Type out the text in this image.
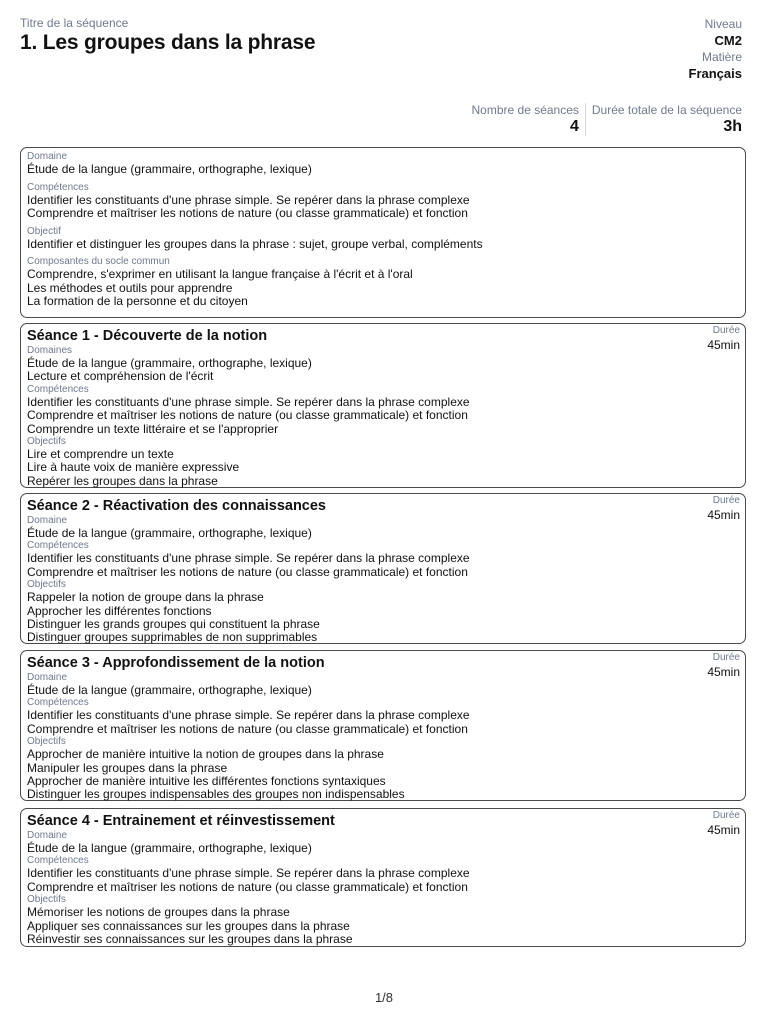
Titre de la séquence
1. Les groupes dans la phrase
Niveau
CM2
Matière
Français
Nombre de séances
4
Durée totale de la séquence
3h
Domaine
Étude de la langue (grammaire, orthographe, lexique)
Compétences
Identifier les constituants d'une phrase simple. Se repérer dans la phrase complexe
Comprendre et maîtriser les notions de nature (ou classe grammaticale) et fonction
Objectif
Identifier et distinguer les groupes dans la phrase : sujet, groupe verbal, compléments
Composantes du socle commun
Comprendre, s'exprimer en utilisant la langue française à l'écrit et à l'oral
Les méthodes et outils pour apprendre
La formation de la personne et du citoyen
Séance 1 - Découverte de la notion	Durée
45min
Domaines
Étude de la langue (grammaire, orthographe, lexique)
Lecture et compréhension de l'écrit
Compétences
Identifier les constituants d'une phrase simple. Se repérer dans la phrase complexe
Comprendre et maîtriser les notions de nature (ou classe grammaticale) et fonction
Comprendre un texte littéraire et se l'approprier
Objectifs
Lire et comprendre un texte
Lire à haute voix de manière expressive
Repérer les groupes dans la phrase
Séance 2 - Réactivation des connaissances	Durée
45min
Domaine
Étude de la langue (grammaire, orthographe, lexique)
Compétences
Identifier les constituants d'une phrase simple. Se repérer dans la phrase complexe
Comprendre et maîtriser les notions de nature (ou classe grammaticale) et fonction
Objectifs
Rappeler la notion de groupe dans la phrase
Approcher les différentes fonctions
Distinguer les grands groupes qui constituent la phrase
Distinguer groupes supprimables de non supprimables
Séance 3 - Approfondissement de la notion	Durée
45min
Domaine
Étude de la langue (grammaire, orthographe, lexique)
Compétences
Identifier les constituants d'une phrase simple. Se repérer dans la phrase complexe
Comprendre et maîtriser les notions de nature (ou classe grammaticale) et fonction
Objectifs
Approcher de manière intuitive la notion de groupes dans la phrase
Manipuler les groupes dans la phrase
Approcher de manière intuitive les différentes fonctions syntaxiques
Distinguer les groupes indispensables des groupes non indispensables
Séance 4 - Entrainement et réinvestissement	Durée
45min
Domaine
Étude de la langue (grammaire, orthographe, lexique)
Compétences
Identifier les constituants d'une phrase simple. Se repérer dans la phrase complexe
Comprendre et maîtriser les notions de nature (ou classe grammaticale) et fonction
Objectifs
Mémoriser les notions de groupes dans la phrase
Appliquer ses connaissances sur les groupes dans la phrase
Réinvestir ses connaissances sur les groupes dans la phrase
1/8
